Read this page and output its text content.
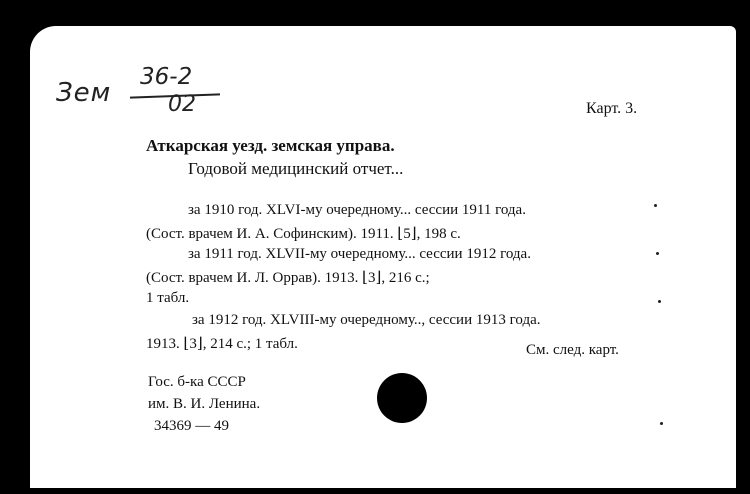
Зем
36-2
02	Карт. 3.
Аткарская уезд. земская управа.
Годовой медицинский отчет...
за 1910 год. XLVI-му очередному... сессии 1911 года.
(Сост. врачем И. А. Софинским). 1911. ⌊5⌋, 198 с.
за 1911 год. XLVII-му очередному... сессии 1912 года.
(Сост. врачем И. Л. Оррав). 1913. ⌊3⌋, 216 с.;
1 табл.
за 1912 год. XLVIII-му очередному.., сессии 1913 года.
1913. ⌊3⌋, 214 с.; 1 табл.	См. след. карт.
Гос. б-ка СССР
им. В. И. Ленина.
34369 — 49
